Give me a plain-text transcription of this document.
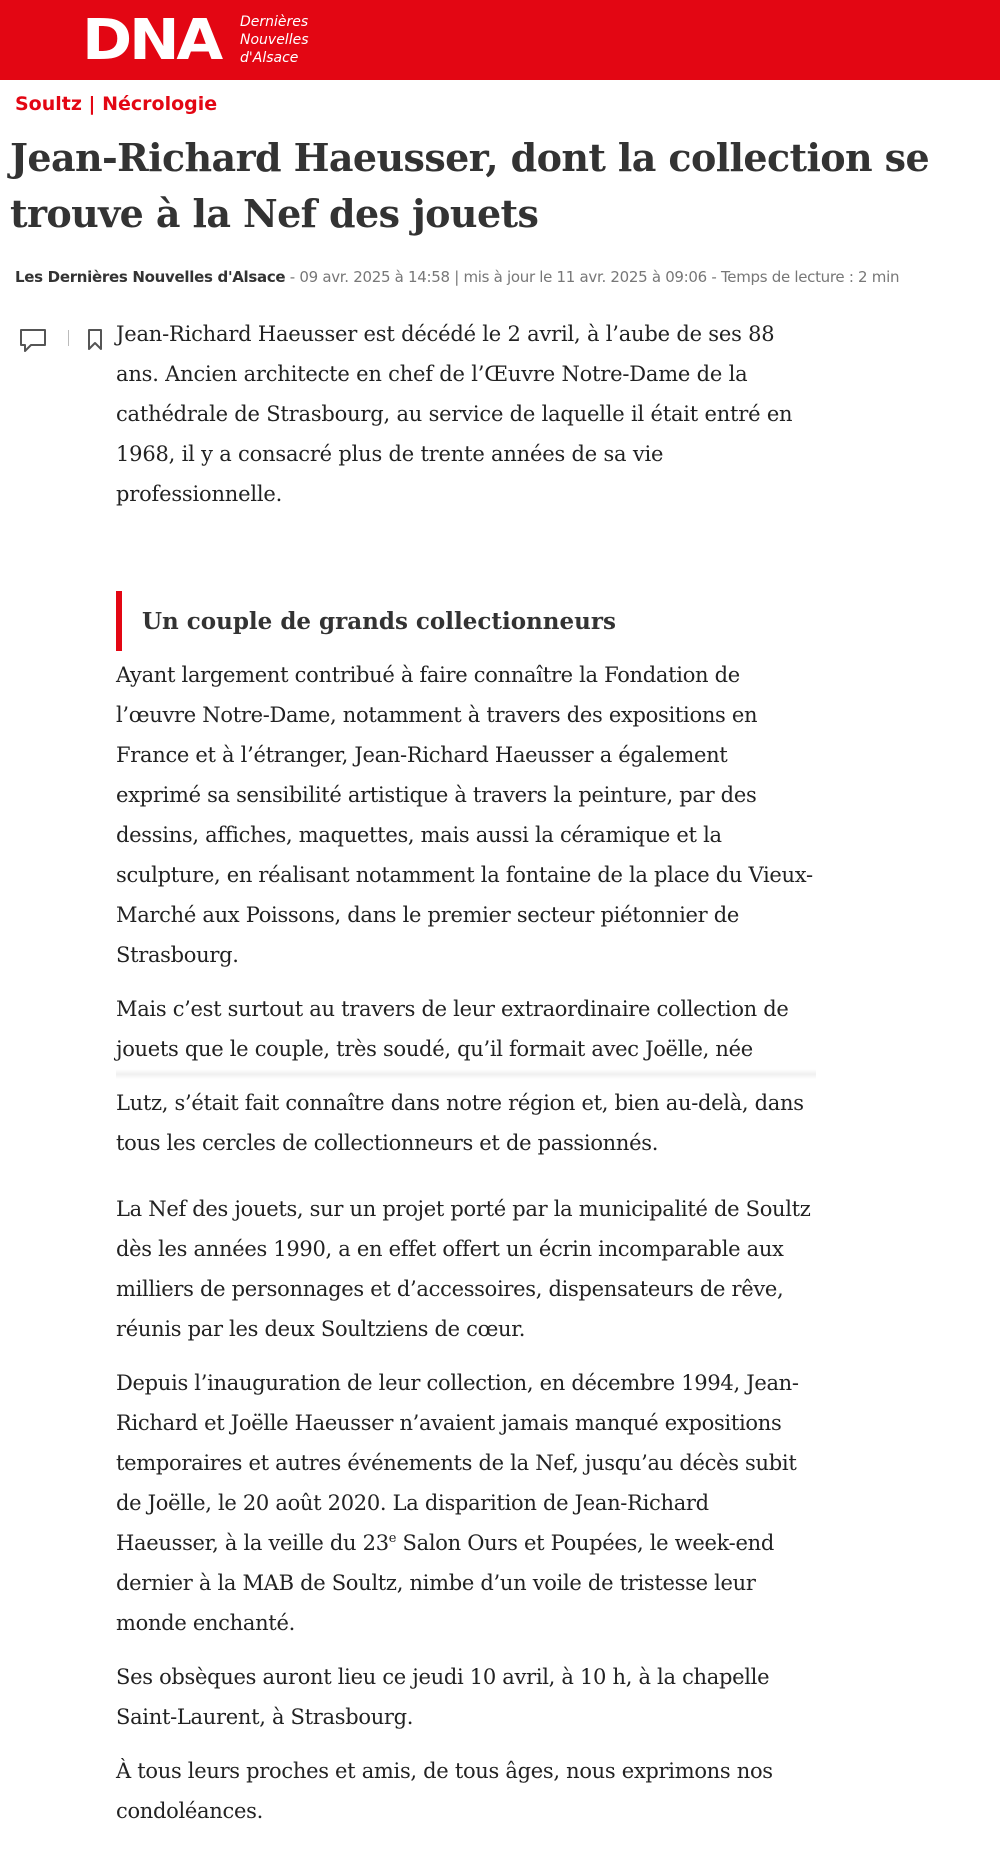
DNA Dernières
Nouvelles
d'Alsace
Soultz | Nécrologie
Jean-Richard Haeusser, dont la collection se trouve à la Nef des jouets
Les Dernières Nouvelles d'Alsace - 09 avr. 2025 à 14:58 | mis à jour le 11 avr. 2025 à 09:06 - Temps de lecture : 2 min

Jean-Richard Haeusser est décédé le 2 avril, à l’aube de ses 88 ans. Ancien architecte en chef de l’Œuvre Notre-Dame de la cathédrale de Strasbourg, au service de laquelle il était entré en 1968, il y a consacré plus de trente années de sa vie professionnelle.

Un couple de grands collectionneurs

Ayant largement contribué à faire connaître la Fondation de l’œuvre Notre-Dame, notamment à travers des expositions en France et à l’étranger, Jean-Richard Haeusser a également exprimé sa sensibilité artistique à travers la peinture, par des dessins, affiches, maquettes, mais aussi la céramique et la sculpture, en réalisant notamment la fontaine de la place du Vieux-Marché aux Poissons, dans le premier secteur piétonnier de Strasbourg.

Mais c’est surtout au travers de leur extraordinaire collection de jouets que le couple, très soudé, qu’il formait avec Joëlle, née

Lutz, s’était fait connaître dans notre région et, bien au-delà, dans tous les cercles de collectionneurs et de passionnés.

La Nef des jouets, sur un projet porté par la municipalité de Soultz dès les années 1990, a en effet offert un écrin incomparable aux milliers de personnages et d’accessoires, dispensateurs de rêve, réunis par les deux Soultziens de cœur.

Depuis l’inauguration de leur collection, en décembre 1994, Jean-Richard et Joëlle Haeusser n’avaient jamais manqué expositions temporaires et autres événements de la Nef, jusqu’au décès subit de Joëlle, le 20 août 2020. La disparition de Jean-Richard Haeusser, à la veille du 23e Salon Ours et Poupées, le week-end dernier à la MAB de Soultz, nimbe d’un voile de tristesse leur monde enchanté.

Ses obsèques auront lieu ce jeudi 10 avril, à 10 h, à la chapelle Saint-Laurent, à Strasbourg.

À tous leurs proches et amis, de tous âges, nous exprimons nos condoléances.
